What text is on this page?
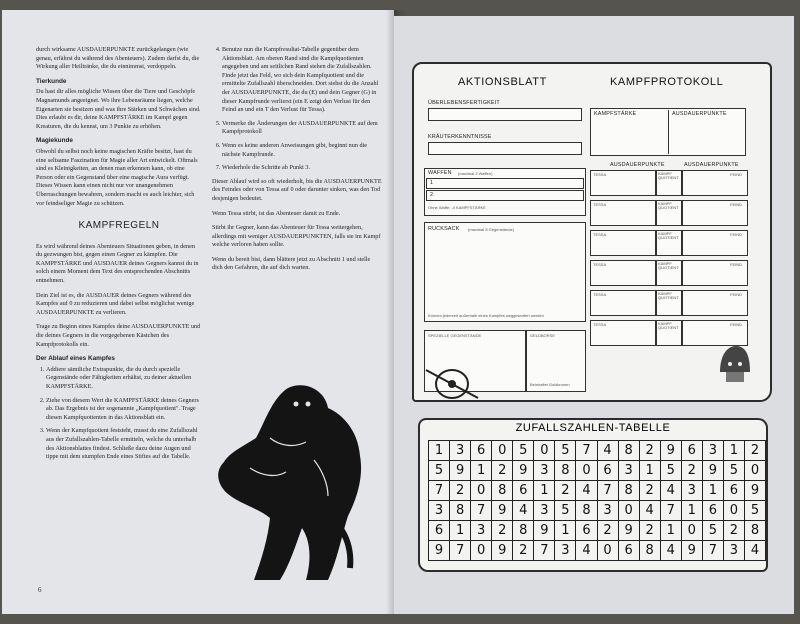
durch wirksame AUSDAUERPUNKTE zurückgelangen (wie genau, erfährst du während des Abenteuers). Zudem darfst du, die Wirkung aller Heiltränke, die du einnimmst, verdoppeln.

Tierkunde

Du hast dir alles mögliche Wissen über die Tiere und Geschöpfe Magnamunds angeeignet. Wo ihre Lebensräume liegen, welche Eigenarten sie besitzen und was ihre Stärken und Schwächen sind. Dies erlaubt es dir, deine KAMPFSTÄRKE im Kampf gegen Kreaturen, die du kennst, um 3 Punkte zu erhöhen.

Magiekunde

Obwohl du selbst noch keine magischen Kräfte besitzt, hast du eine seltsame Faszination für Magie aller Art entwickelt. Oftmals sind es Kleinigkeiten, an denen man erkennen kann, ob eine Person oder ein Gegenstand über eine magische Aura verfügt. Dieses Wissen kann einen nicht nur vor unangenehmen Überraschungen bewahren, sondern macht es auch leichter, sich vor feindseliger Magie zu schützen.

KAMPFREGELN

Es wird während deines Abenteuers Situationen geben, in denen du gezwungen bist, gegen einen Gegner zu kämpfen. Die KAMPFSTÄRKE und AUSDAUER deines Gegners kannst du in solch einem Moment dem Text des entsprechenden Abschnitts entnehmen.

Dein Ziel ist es, die AUSDAUER deines Gegners während des Kampfes auf 0 zu reduzieren und dabei selbst möglichst wenige AUSDAUERPUNKTE zu verlieren.

Trage zu Beginn eines Kampfes deine AUSDAUERPUNKTE und die deines Gegners in die vorgegebenen Kästchen des Kampfprotokolls ein.

Der Ablauf eines Kampfes
1. Addiere sämtliche Extrapunkte, die du durch spezielle Gegenstände oder Fähigkeiten erhältst, zu deiner aktuellen KAMPFSTÄRKE.
2. Ziehe von diesem Wert die KAMPFSTÄRKE deines Gegners ab. Das Ergebnis ist der sogenannte „Kampfquotient". Trage diesen Kampfquotienten in das Aktionsblatt ein.
3. Wenn der Kampfquotient feststeht, musst du eine Zufallszahl aus der Zufallszahlen-Tabelle ermitteln, welche du unterhalb des Aktionsblattes findest. Schließe dazu deine Augen und tippe mit dem stumpfen Ende eines Stiftes auf die Tabelle.
6
4. Benutze nun die Kampfresultat-Tabelle gegenüber dem Aktionsblatt. Am oberen Rand sind die Kampfquotienten angegeben und am seitlichen Rand stehen die Zufallszahlen. Finde jetzt das Feld, wo sich dein Kampfquotient und die ermittelte Zufallszahl überschneiden. Dort siehst du die Anzahl der AUSDAUERPUNKTE, die du (E) und dein Gegner (G) in dieser Kampfrunde verlierst (ein E zeigt den Verlust für den Feind an und ein T den Verlust für Tessa).
5. Vermerke die Änderungen der AUSDAUERPUNKTE auf dem Kampfprotokoll
6. Wenn es keine anderen Anweisungen gibt, beginnt nun die nächste Kampfrunde.
7. Wiederhole die Schritte ab Punkt 3.

Dieser Ablauf wird so oft wiederholt, bis die AUSDAUERPUNKTE des Feindes oder von Tessa auf 0 oder darunter sinken, was den Tod desjenigen bedeutet.

Wenn Tessa stirbt, ist das Abenteuer damit zu Ende.

Stirbt ihr Gegner, kann das Abenteuer für Tessa weitergehen, allerdings mit weniger AUSDAUERPUNKTEN, falls sie im Kampf welche verloren haben sollte.

Wenn du bereit bist, dann blättere jetzt zu Abschnitt 1 und stelle dich den Gefahren, die auf dich warten.

AKTIONSBLATT	KAMPFPROTOKOLL
ÜBERLEBENSFERTIGKEIT
KRÄUTERKENNTNISSE
KAMPFSTÄRKE	AUSDAUERPUNKTE
WAFFEN (maximal 2 Waffen)
1
2
Ohne Waffe: -4 KAMPFSTÄRKE
RUCKSACK (maximal 8 Gegenstände)
Können jederzeit außerhalb eines Kampfes weggeworfen werden
SPEZIELLE GEGENSTÄNDE	GELDBÖRSE
Beinhaltet Goldkronen
AUSDAUERPUNKTE	AUSDAUERPUNKTE
TESSA	KAMPF QUOTIENT
FEIND
TESSA	KAMPF QUOTIENT
FEIND
TESSA	KAMPF QUOTIENT
FEIND
TESSA	KAMPF QUOTIENT
FEIND
TESSA	KAMPF QUOTIENT
FEIND
TESSA	KAMPF QUOTIENT
FEIND
ZUFALLSZAHLEN-TABELLE
1	3	6	0	5	0	5	7	4	8	2	9	6	3	1	2
5	9	1	2	9	3	8	0	6	3	1	5	2	9	5	0
7	2	0	8	6	1	2	4	7	8	2	4	3	1	6	9
3	8	7	9	4	3	5	8	3	0	4	7	1	6	0	5
6	1	3	2	8	9	1	6	2	9	2	1	0	5	2	8
9	7	0	9	2	7	3	4	0	6	8	4	9	7	3	4
